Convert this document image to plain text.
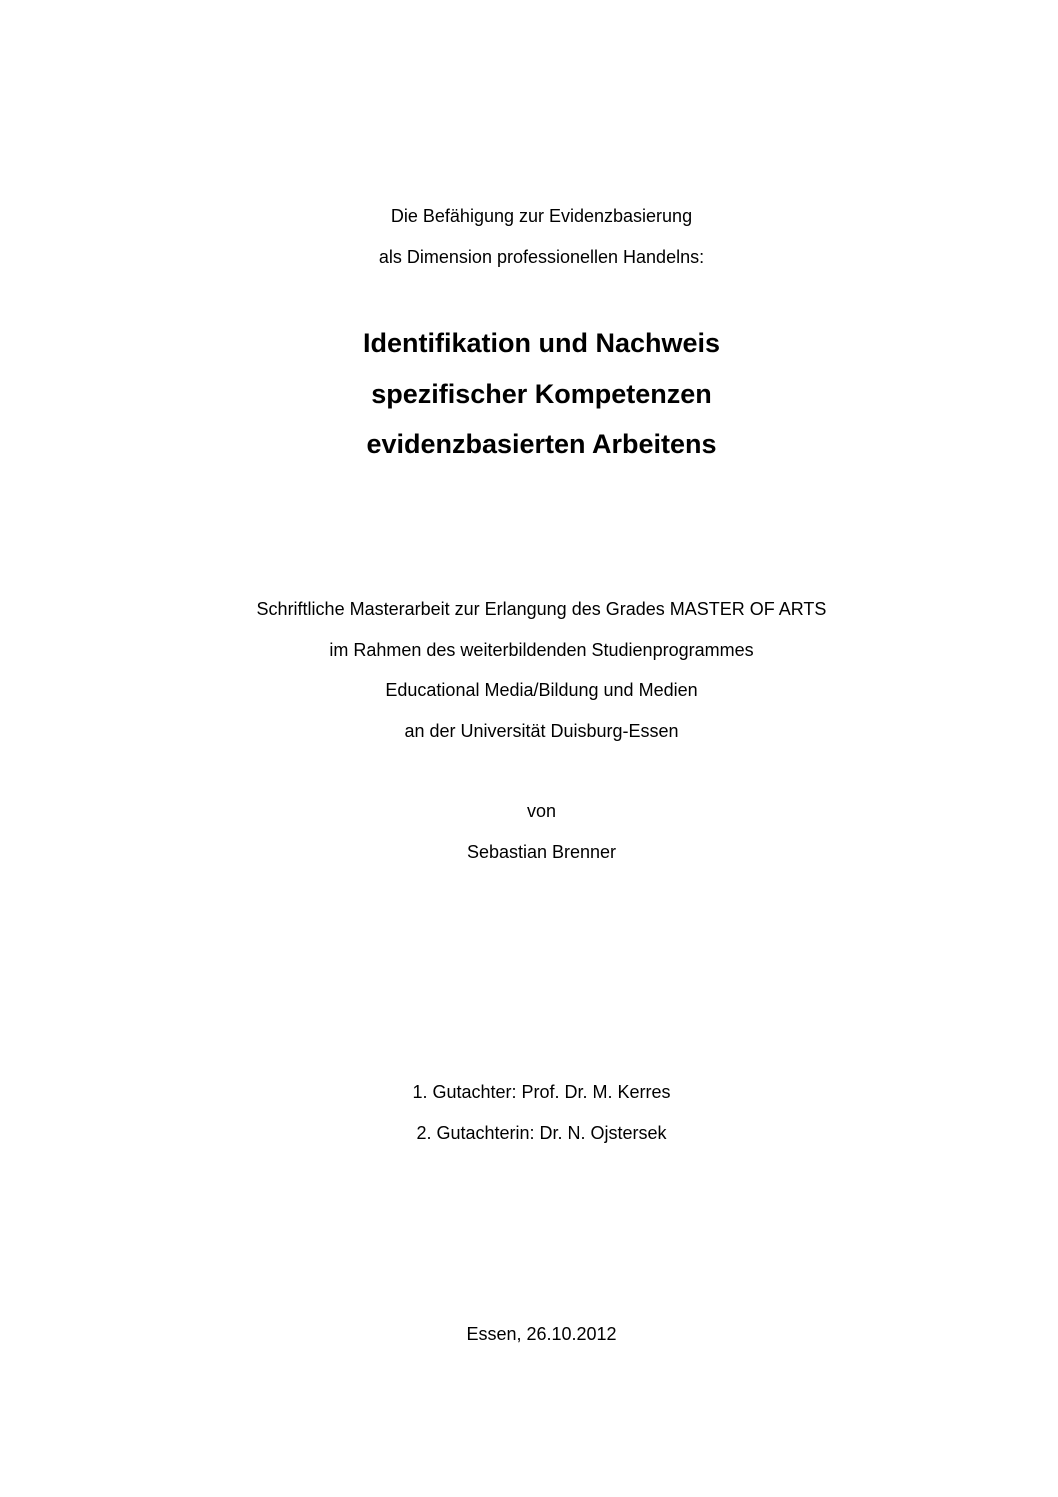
Die Befähigung zur Evidenzbasierung
als Dimension professionellen Handelns:
Identifikation und Nachweis
spezifischer Kompetenzen
evidenzbasierten Arbeitens
Schriftliche Masterarbeit zur Erlangung des Grades MASTER OF ARTS
im Rahmen des weiterbildenden Studienprogrammes
Educational Media/Bildung und Medien
an der Universität Duisburg-Essen
von
Sebastian Brenner
1. Gutachter: Prof. Dr. M. Kerres
2. Gutachterin: Dr. N. Ojstersek
Essen, 26.10.2012
